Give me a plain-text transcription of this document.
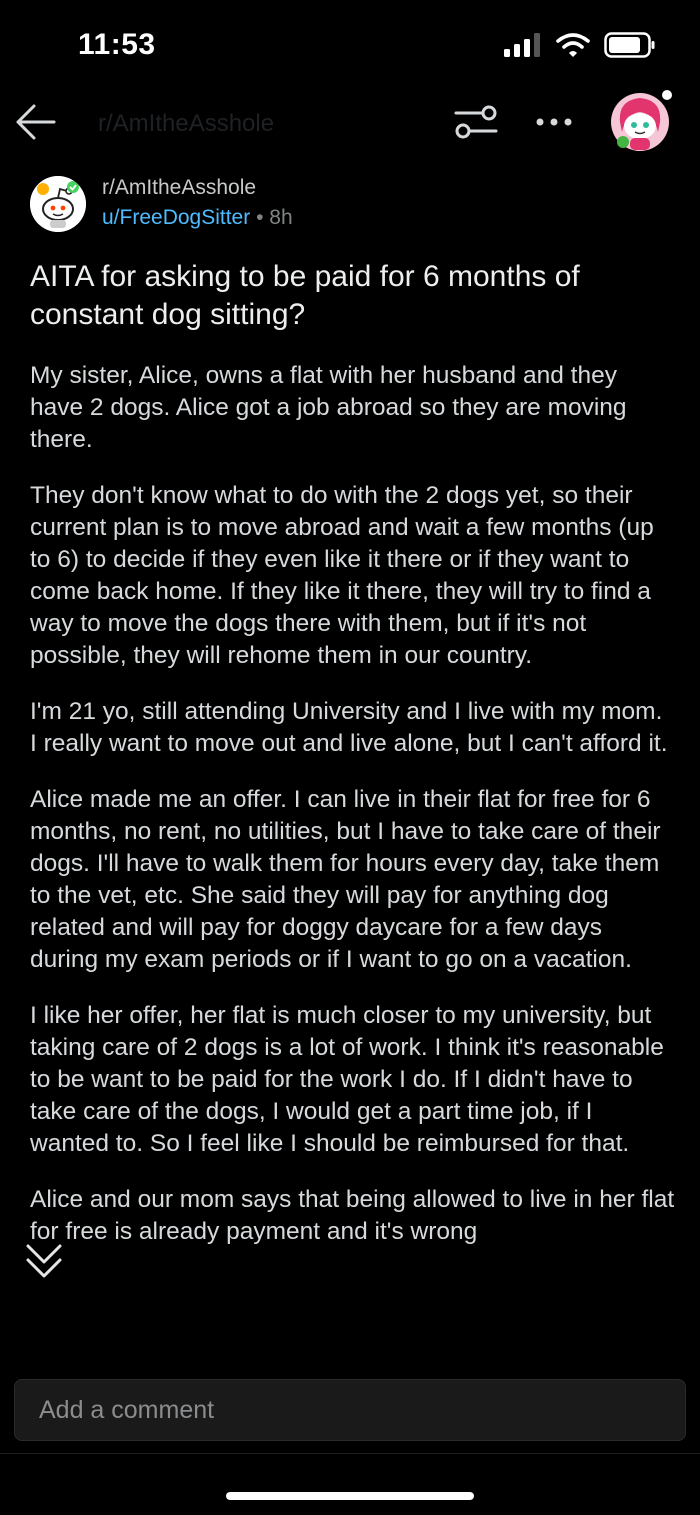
11:53
r/AmItheAsshole
r/AmItheAsshole
u/FreeDogSitter • 8h
AITA for asking to be paid for 6 months of constant dog sitting?

My sister, Alice, owns a flat with her husband and they have 2 dogs. Alice got a job abroad so they are moving there.

They don't know what to do with the 2 dogs yet, so their current plan is to move abroad and wait a few months (up to 6) to decide if they even like it there or if they want to come back home. If they like it there, they will try to find a way to move the dogs there with them, but if it's not possible, they will rehome them in our country.

I'm 21 yo, still attending University and I live with my mom. I really want to move out and live alone, but I can't afford it.

Alice made me an offer. I can live in their flat for free for 6 months, no rent, no utilities, but I have to take care of their dogs. I'll have to walk them for hours every day, take them to the vet, etc. She said they will pay for anything dog related and will pay for doggy daycare for a few days during my exam periods or if I want to go on a vacation.

I like her offer, her flat is much closer to my university, but taking care of 2 dogs is a lot of work. I think it's reasonable to be want to be paid for the work I do. If I didn't have to take care of the dogs, I would get a part time job, if I wanted to. So I feel like I should be reimbursed for that.

Alice and our mom says that being allowed to live in her flat for free is already payment and it's wrong

Add a comment
